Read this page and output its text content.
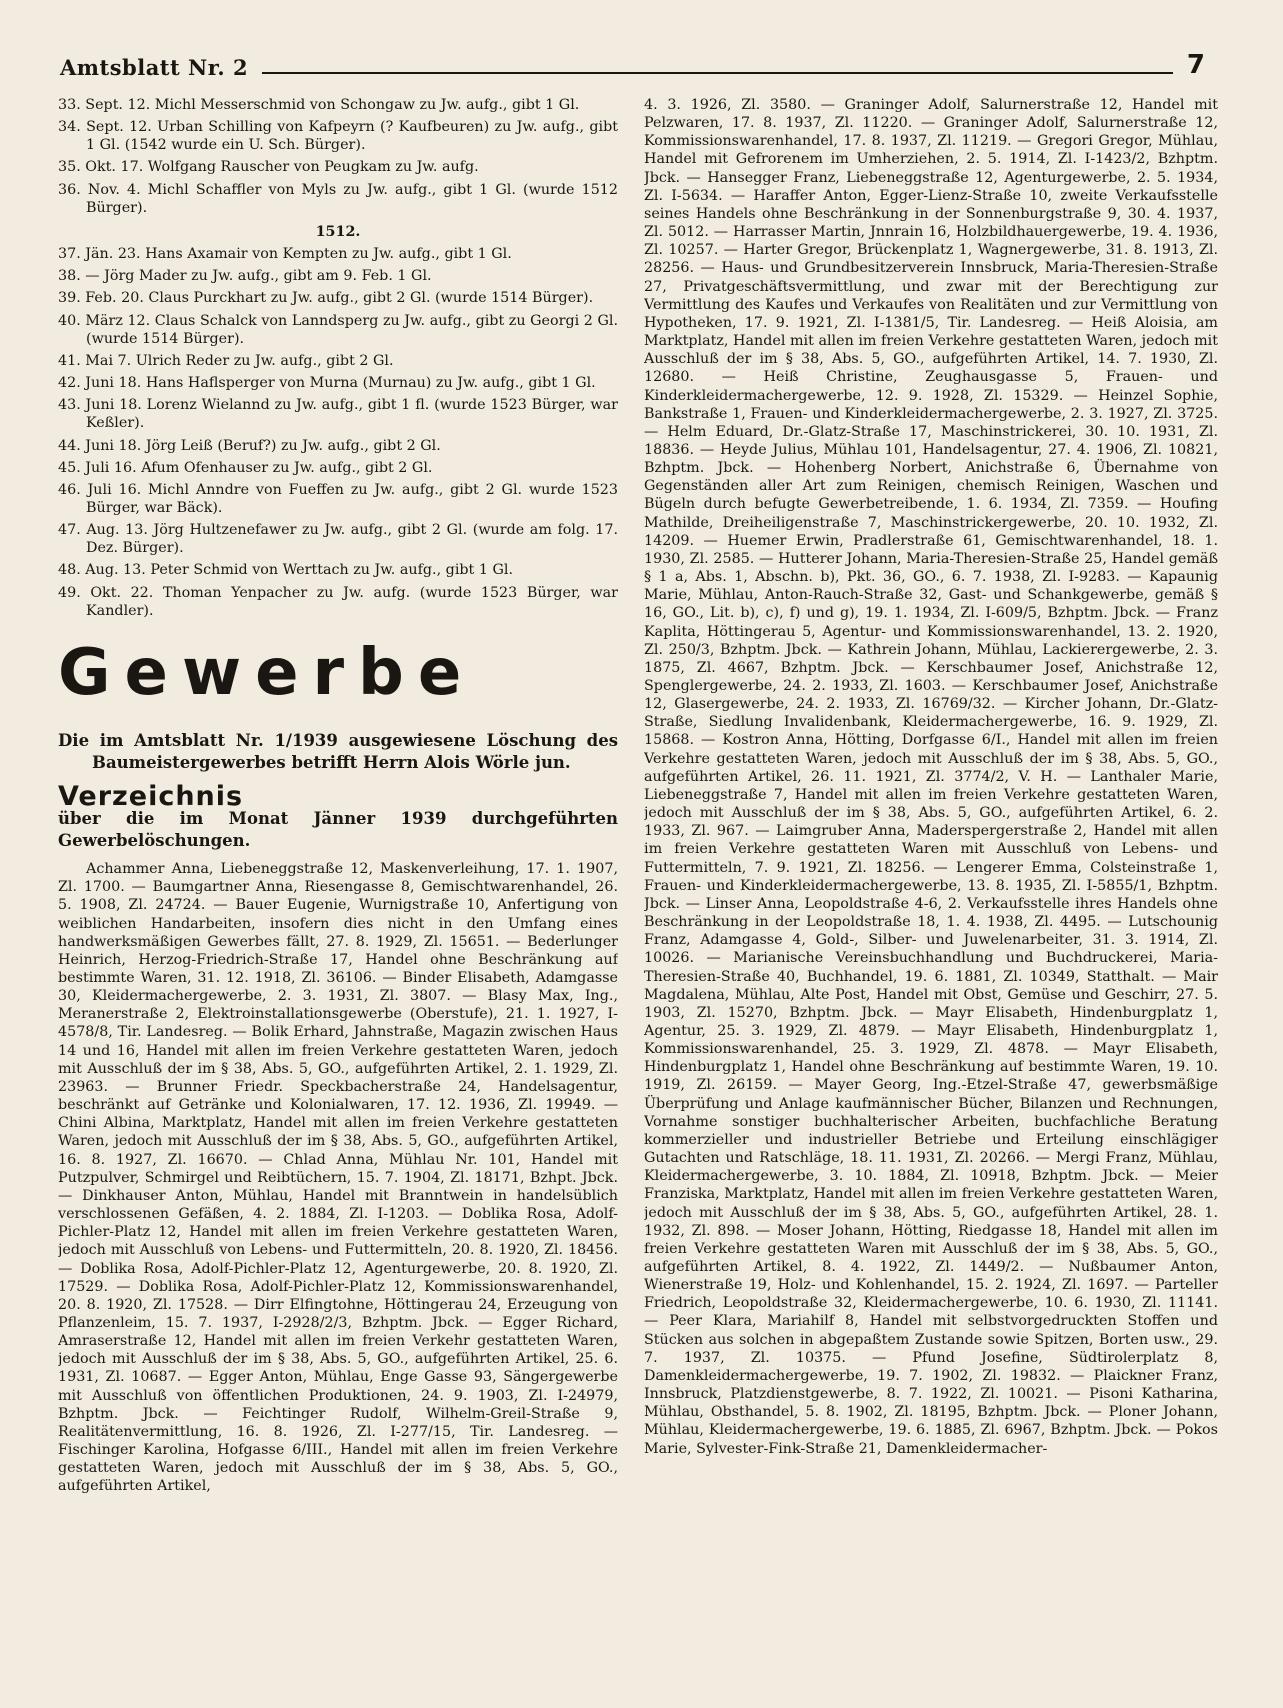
Amtsblatt Nr. 2	7
33. Sept. 12. Michl Messerschmid von Schongaw zu Jw. aufg., gibt 1 Gl.
34. Sept. 12. Urban Schilling von Kafpeyrn (? Kaufbeuren) zu Jw. aufg., gibt 1 Gl. (1542 wurde ein U. Sch. Bürger).
35. Okt. 17. Wolfgang Rauscher von Peugkam zu Jw. aufg.
36. Nov. 4. Michl Schaffler von Myls zu Jw. aufg., gibt 1 Gl. (wurde 1512 Bürger).
1512.
37. Jän. 23. Hans Axamair von Kempten zu Jw. aufg., gibt 1 Gl.
38. — Jörg Mader zu Jw. aufg., gibt am 9. Feb. 1 Gl.
39. Feb. 20. Claus Purckhart zu Jw. aufg., gibt 2 Gl. (wurde 1514 Bürger).
40. März 12. Claus Schalck von Lanndsperg zu Jw. aufg., gibt zu Georgi 2 Gl. (wurde 1514 Bürger).
41. Mai 7. Ulrich Reder zu Jw. aufg., gibt 2 Gl.
42. Juni 18. Hans Haflsperger von Murna (Murnau) zu Jw. aufg., gibt 1 Gl.
43. Juni 18. Lorenz Wielannd zu Jw. aufg., gibt 1 fl. (wurde 1523 Bürger, war Keßler).
44. Juni 18. Jörg Leiß (Beruf?) zu Jw. aufg., gibt 2 Gl.
45. Juli 16. Afum Ofenhauser zu Jw. aufg., gibt 2 Gl.
46. Juli 16. Michl Anndre von Fueffen zu Jw. aufg., gibt 2 Gl. wurde 1523 Bürger, war Bäck).
47. Aug. 13. Jörg Hultzenefawer zu Jw. aufg., gibt 2 Gl. (wurde am folg. 17. Dez. Bürger).
48. Aug. 13. Peter Schmid von Werttach zu Jw. aufg., gibt 1 Gl.
49. Okt. 22. Thoman Yenpacher zu Jw. aufg. (wurde 1523 Bürger, war Kandler).
Gewerbe
Die im Amtsblatt Nr. 1/1939 ausgewiesene Löschung des Baumeistergewerbes betrifft Herrn Alois Wörle jun.
Verzeichnis
über die im Monat Jänner 1939 durchgeführten Gewerbelöschungen.

Achammer Anna, Liebeneggstraße 12, Maskenverleihung, 17. 1. 1907, Zl. 1700. — Baumgartner Anna, Riesengasse 8, Gemischtwarenhandel, 26. 5. 1908, Zl. 24724. — Bauer Eugenie, Wurnigstraße 10, Anfertigung von weiblichen Handarbeiten, insofern dies nicht in den Umfang eines handwerksmäßigen Gewerbes fällt, 27. 8. 1929, Zl. 15651. — Bederlunger Heinrich, Herzog-Friedrich-Straße 17, Handel ohne Beschränkung auf bestimmte Waren, 31. 12. 1918, Zl. 36106. — Binder Elisabeth, Adamgasse 30, Kleidermachergewerbe, 2. 3. 1931, Zl. 3807. — Blasy Max, Ing., Meranerstraße 2, Elektroinstallationsgewerbe (Oberstufe), 21. 1. 1927, I-4578/8, Tir. Landesreg. — Bolik Erhard, Jahnstraße, Magazin zwischen Haus 14 und 16, Handel mit allen im freien Verkehre gestatteten Waren, jedoch mit Ausschluß der im § 38, Abs. 5, GO., aufgeführten Artikel, 2. 1. 1929, Zl. 23963. — Brunner Friedr. Speckbacherstraße 24, Handelsagentur, beschränkt auf Getränke und Kolonialwaren, 17. 12. 1936, Zl. 19949. — Chini Albina, Marktplatz, Handel mit allen im freien Verkehre gestatteten Waren, jedoch mit Ausschluß der im § 38, Abs. 5, GO., aufgeführten Artikel, 16. 8. 1927, Zl. 16670. — Chlad Anna, Mühlau Nr. 101, Handel mit Putzpulver, Schmirgel und Reibtüchern, 15. 7. 1904, Zl. 18171, Bzhpt. Jbck. — Dinkhauser Anton, Mühlau, Handel mit Branntwein in handelsüblich verschlossenen Gefäßen, 4. 2. 1884, Zl. I-1203. — Doblika Rosa, Adolf-Pichler-Platz 12, Handel mit allen im freien Verkehre gestatteten Waren, jedoch mit Ausschluß von Lebens- und Futtermitteln, 20. 8. 1920, Zl. 18456. — Doblika Rosa, Adolf-Pichler-Platz 12, Agenturgewerbe, 20. 8. 1920, Zl. 17529. — Doblika Rosa, Adolf-Pichler-Platz 12, Kommissionswarenhandel, 20. 8. 1920, Zl. 17528. — Dirr Elfingtohne, Höttingerau 24, Erzeugung von Pflanzenleim, 15. 7. 1937, I-2928/2/3, Bzhptm. Jbck. — Egger Richard, Amraserstraße 12, Handel mit allen im freien Verkehr gestatteten Waren, jedoch mit Ausschluß der im § 38, Abs. 5, GO., aufgeführten Artikel, 25. 6. 1931, Zl. 10687. — Egger Anton, Mühlau, Enge Gasse 93, Sängergewerbe mit Ausschluß von öffentlichen Produktionen, 24. 9. 1903, Zl. I-24979, Bzhptm. Jbck. — Feichtinger Rudolf, Wilhelm-Greil-Straße 9, Realitätenvermittlung, 16. 8. 1926, Zl. I-277/15, Tir. Landesreg. — Fischinger Karolina, Hofgasse 6/III., Handel mit allen im freien Verkehre gestatteten Waren, jedoch mit Ausschluß der im § 38, Abs. 5, GO., aufgeführten Artikel,

4. 3. 1926, Zl. 3580. — Graninger Adolf, Salurnerstraße 12, Handel mit Pelzwaren, 17. 8. 1937, Zl. 11220. — Graninger Adolf, Salurnerstraße 12, Kommissionswarenhandel, 17. 8. 1937, Zl. 11219. — Gregori Gregor, Mühlau, Handel mit Gefrorenem im Umherziehen, 2. 5. 1914, Zl. I-1423/2, Bzhptm. Jbck. — Hansegger Franz, Liebeneggstraße 12, Agenturgewerbe, 2. 5. 1934, Zl. I-5634. — Haraffer Anton, Egger-Lienz-Straße 10, zweite Verkaufsstelle seines Handels ohne Beschränkung in der Sonnenburgstraße 9, 30. 4. 1937, Zl. 5012. — Harrasser Martin, Jnnrain 16, Holzbildhauergewerbe, 19. 4. 1936, Zl. 10257. — Harter Gregor, Brückenplatz 1, Wagnergewerbe, 31. 8. 1913, Zl. 28256. — Haus- und Grundbesitzerverein Innsbruck, Maria-Theresien-Straße 27, Privatgeschäftsvermittlung, und zwar mit der Berechtigung zur Vermittlung des Kaufes und Verkaufes von Realitäten und zur Vermittlung von Hypotheken, 17. 9. 1921, Zl. I-1381/5, Tir. Landesreg. — Heiß Aloisia, am Marktplatz, Handel mit allen im freien Verkehre gestatteten Waren, jedoch mit Ausschluß der im § 38, Abs. 5, GO., aufgeführten Artikel, 14. 7. 1930, Zl. 12680. — Heiß Christine, Zeughausgasse 5, Frauen- und Kinderkleidermachergewerbe, 12. 9. 1928, Zl. 15329. — Heinzel Sophie, Bankstraße 1, Frauen- und Kinderkleidermachergewerbe, 2. 3. 1927, Zl. 3725. — Helm Eduard, Dr.-Glatz-Straße 17, Maschinstrickerei, 30. 10. 1931, Zl. 18836. — Heyde Julius, Mühlau 101, Handelsagentur, 27. 4. 1906, Zl. 10821, Bzhptm. Jbck. — Hohenberg Norbert, Anichstraße 6, Übernahme von Gegenständen aller Art zum Reinigen, chemisch Reinigen, Waschen und Bügeln durch befugte Gewerbetreibende, 1. 6. 1934, Zl. 7359. — Houfing Mathilde, Dreiheiligenstraße 7, Maschinstrickergewerbe, 20. 10. 1932, Zl. 14209. — Huemer Erwin, Pradlerstraße 61, Gemischtwarenhandel, 18. 1. 1930, Zl. 2585. — Hutterer Johann, Maria-Theresien-Straße 25, Handel gemäß § 1 a, Abs. 1, Abschn. b), Pkt. 36, GO., 6. 7. 1938, Zl. I-9283. — Kapaunig Marie, Mühlau, Anton-Rauch-Straße 32, Gast- und Schankgewerbe, gemäß § 16, GO., Lit. b), c), f) und g), 19. 1. 1934, Zl. I-609/5, Bzhptm. Jbck. — Franz Kaplita, Höttingerau 5, Agentur- und Kommissionswarenhandel, 13. 2. 1920, Zl. 250/3, Bzhptm. Jbck. — Kathrein Johann, Mühlau, Lackierergewerbe, 2. 3. 1875, Zl. 4667, Bzhptm. Jbck. — Kerschbaumer Josef, Anichstraße 12, Spenglergewerbe, 24. 2. 1933, Zl. 1603. — Kerschbaumer Josef, Anichstraße 12, Glasergewerbe, 24. 2. 1933, Zl. 16769/32. — Kircher Johann, Dr.-Glatz-Straße, Siedlung Invalidenbank, Kleidermachergewerbe, 16. 9. 1929, Zl. 15868. — Kostron Anna, Hötting, Dorfgasse 6/I., Handel mit allen im freien Verkehre gestatteten Waren, jedoch mit Ausschluß der im § 38, Abs. 5, GO., aufgeführten Artikel, 26. 11. 1921, Zl. 3774/2, V. H. — Lanthaler Marie, Liebeneggstraße 7, Handel mit allen im freien Verkehre gestatteten Waren, jedoch mit Ausschluß der im § 38, Abs. 5, GO., aufgeführten Artikel, 6. 2. 1933, Zl. 967. — Laimgruber Anna, Maderspergerstraße 2, Handel mit allen im freien Verkehre gestatteten Waren mit Ausschluß von Lebens- und Futtermitteln, 7. 9. 1921, Zl. 18256. — Lengerer Emma, Colsteinstraße 1, Frauen- und Kinderkleidermachergewerbe, 13. 8. 1935, Zl. I-5855/1, Bzhptm. Jbck. — Linser Anna, Leopoldstraße 4-6, 2. Verkaufsstelle ihres Handels ohne Beschränkung in der Leopoldstraße 18, 1. 4. 1938, Zl. 4495. — Lutschounig Franz, Adamgasse 4, Gold-, Silber- und Juwelenarbeiter, 31. 3. 1914, Zl. 10026. — Marianische Vereinsbuchhandlung und Buchdruckerei, Maria-Theresien-Straße 40, Buchhandel, 19. 6. 1881, Zl. 10349, Statthalt. — Mair Magdalena, Mühlau, Alte Post, Handel mit Obst, Gemüse und Geschirr, 27. 5. 1903, Zl. 15270, Bzhptm. Jbck. — Mayr Elisabeth, Hindenburgplatz 1, Agentur, 25. 3. 1929, Zl. 4879. — Mayr Elisabeth, Hindenburgplatz 1, Kommissionswarenhandel, 25. 3. 1929, Zl. 4878. — Mayr Elisabeth, Hindenburgplatz 1, Handel ohne Beschränkung auf bestimmte Waren, 19. 10. 1919, Zl. 26159. — Mayer Georg, Ing.-Etzel-Straße 47, gewerbsmäßige Überprüfung und Anlage kaufmännischer Bücher, Bilanzen und Rechnungen, Vornahme sonstiger buchhalterischer Arbeiten, buchfachliche Beratung kommerzieller und industrieller Betriebe und Erteilung einschlägiger Gutachten und Ratschläge, 18. 11. 1931, Zl. 20266. — Mergi Franz, Mühlau, Kleidermachergewerbe, 3. 10. 1884, Zl. 10918, Bzhptm. Jbck. — Meier Franziska, Marktplatz, Handel mit allen im freien Verkehre gestatteten Waren, jedoch mit Ausschluß der im § 38, Abs. 5, GO., aufgeführten Artikel, 28. 1. 1932, Zl. 898. — Moser Johann, Hötting, Riedgasse 18, Handel mit allen im freien Verkehre gestatteten Waren mit Ausschluß der im § 38, Abs. 5, GO., aufgeführten Artikel, 8. 4. 1922, Zl. 1449/2. — Nußbaumer Anton, Wienerstraße 19, Holz- und Kohlenhandel, 15. 2. 1924, Zl. 1697. — Parteller Friedrich, Leopoldstraße 32, Kleidermachergewerbe, 10. 6. 1930, Zl. 11141. — Peer Klara, Mariahilf 8, Handel mit selbstvorgedruckten Stoffen und Stücken aus solchen in abgepaßtem Zustande sowie Spitzen, Borten usw., 29. 7. 1937, Zl. 10375. — Pfund Josefine, Südtirolerplatz 8, Damenkleidermachergewerbe, 19. 7. 1902, Zl. 19832. — Plaickner Franz, Innsbruck, Platzdienstgewerbe, 8. 7. 1922, Zl. 10021. — Pisoni Katharina, Mühlau, Obsthandel, 5. 8. 1902, Zl. 18195, Bzhptm. Jbck. — Ploner Johann, Mühlau, Kleidermachergewerbe, 19. 6. 1885, Zl. 6967, Bzhptm. Jbck. — Pokos Marie, Sylvester-Fink-Straße 21, Damenkleidermacher-
